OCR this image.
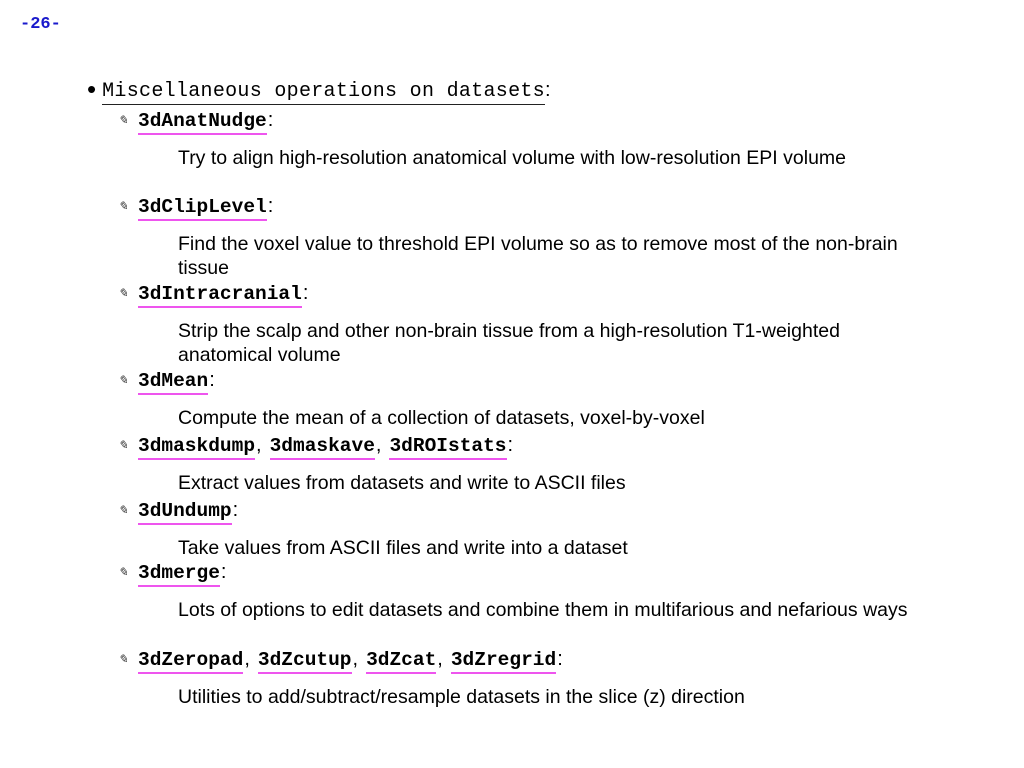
-26-
• Miscellaneous operations on datasets :
✎ 3dAnatNudge :
Try to align high-resolution anatomical volume with low-resolution EPI volume
✎ 3dClipLevel :
Find the voxel value to threshold EPI volume so as to remove most of the non-brain tissue
✎ 3dIntracranial :
Strip the scalp and other non-brain tissue from a high-resolution T1-weighted anatomical volume
✎ 3dMean :
Compute the mean of a collection of datasets, voxel-by-voxel
✎ 3dmaskdump , 3dmaskave , 3dROIstats :
Extract values from datasets and write to ASCII files
✎ 3dUndump :
Take values from ASCII files and write into a dataset
✎ 3dmerge :
Lots of options to edit datasets and combine them in multifarious and nefarious ways
✎ 3dZeropad , 3dZcutup , 3dZcat , 3dZregrid :
Utilities to add/subtract/resample datasets in the slice (z) direction
